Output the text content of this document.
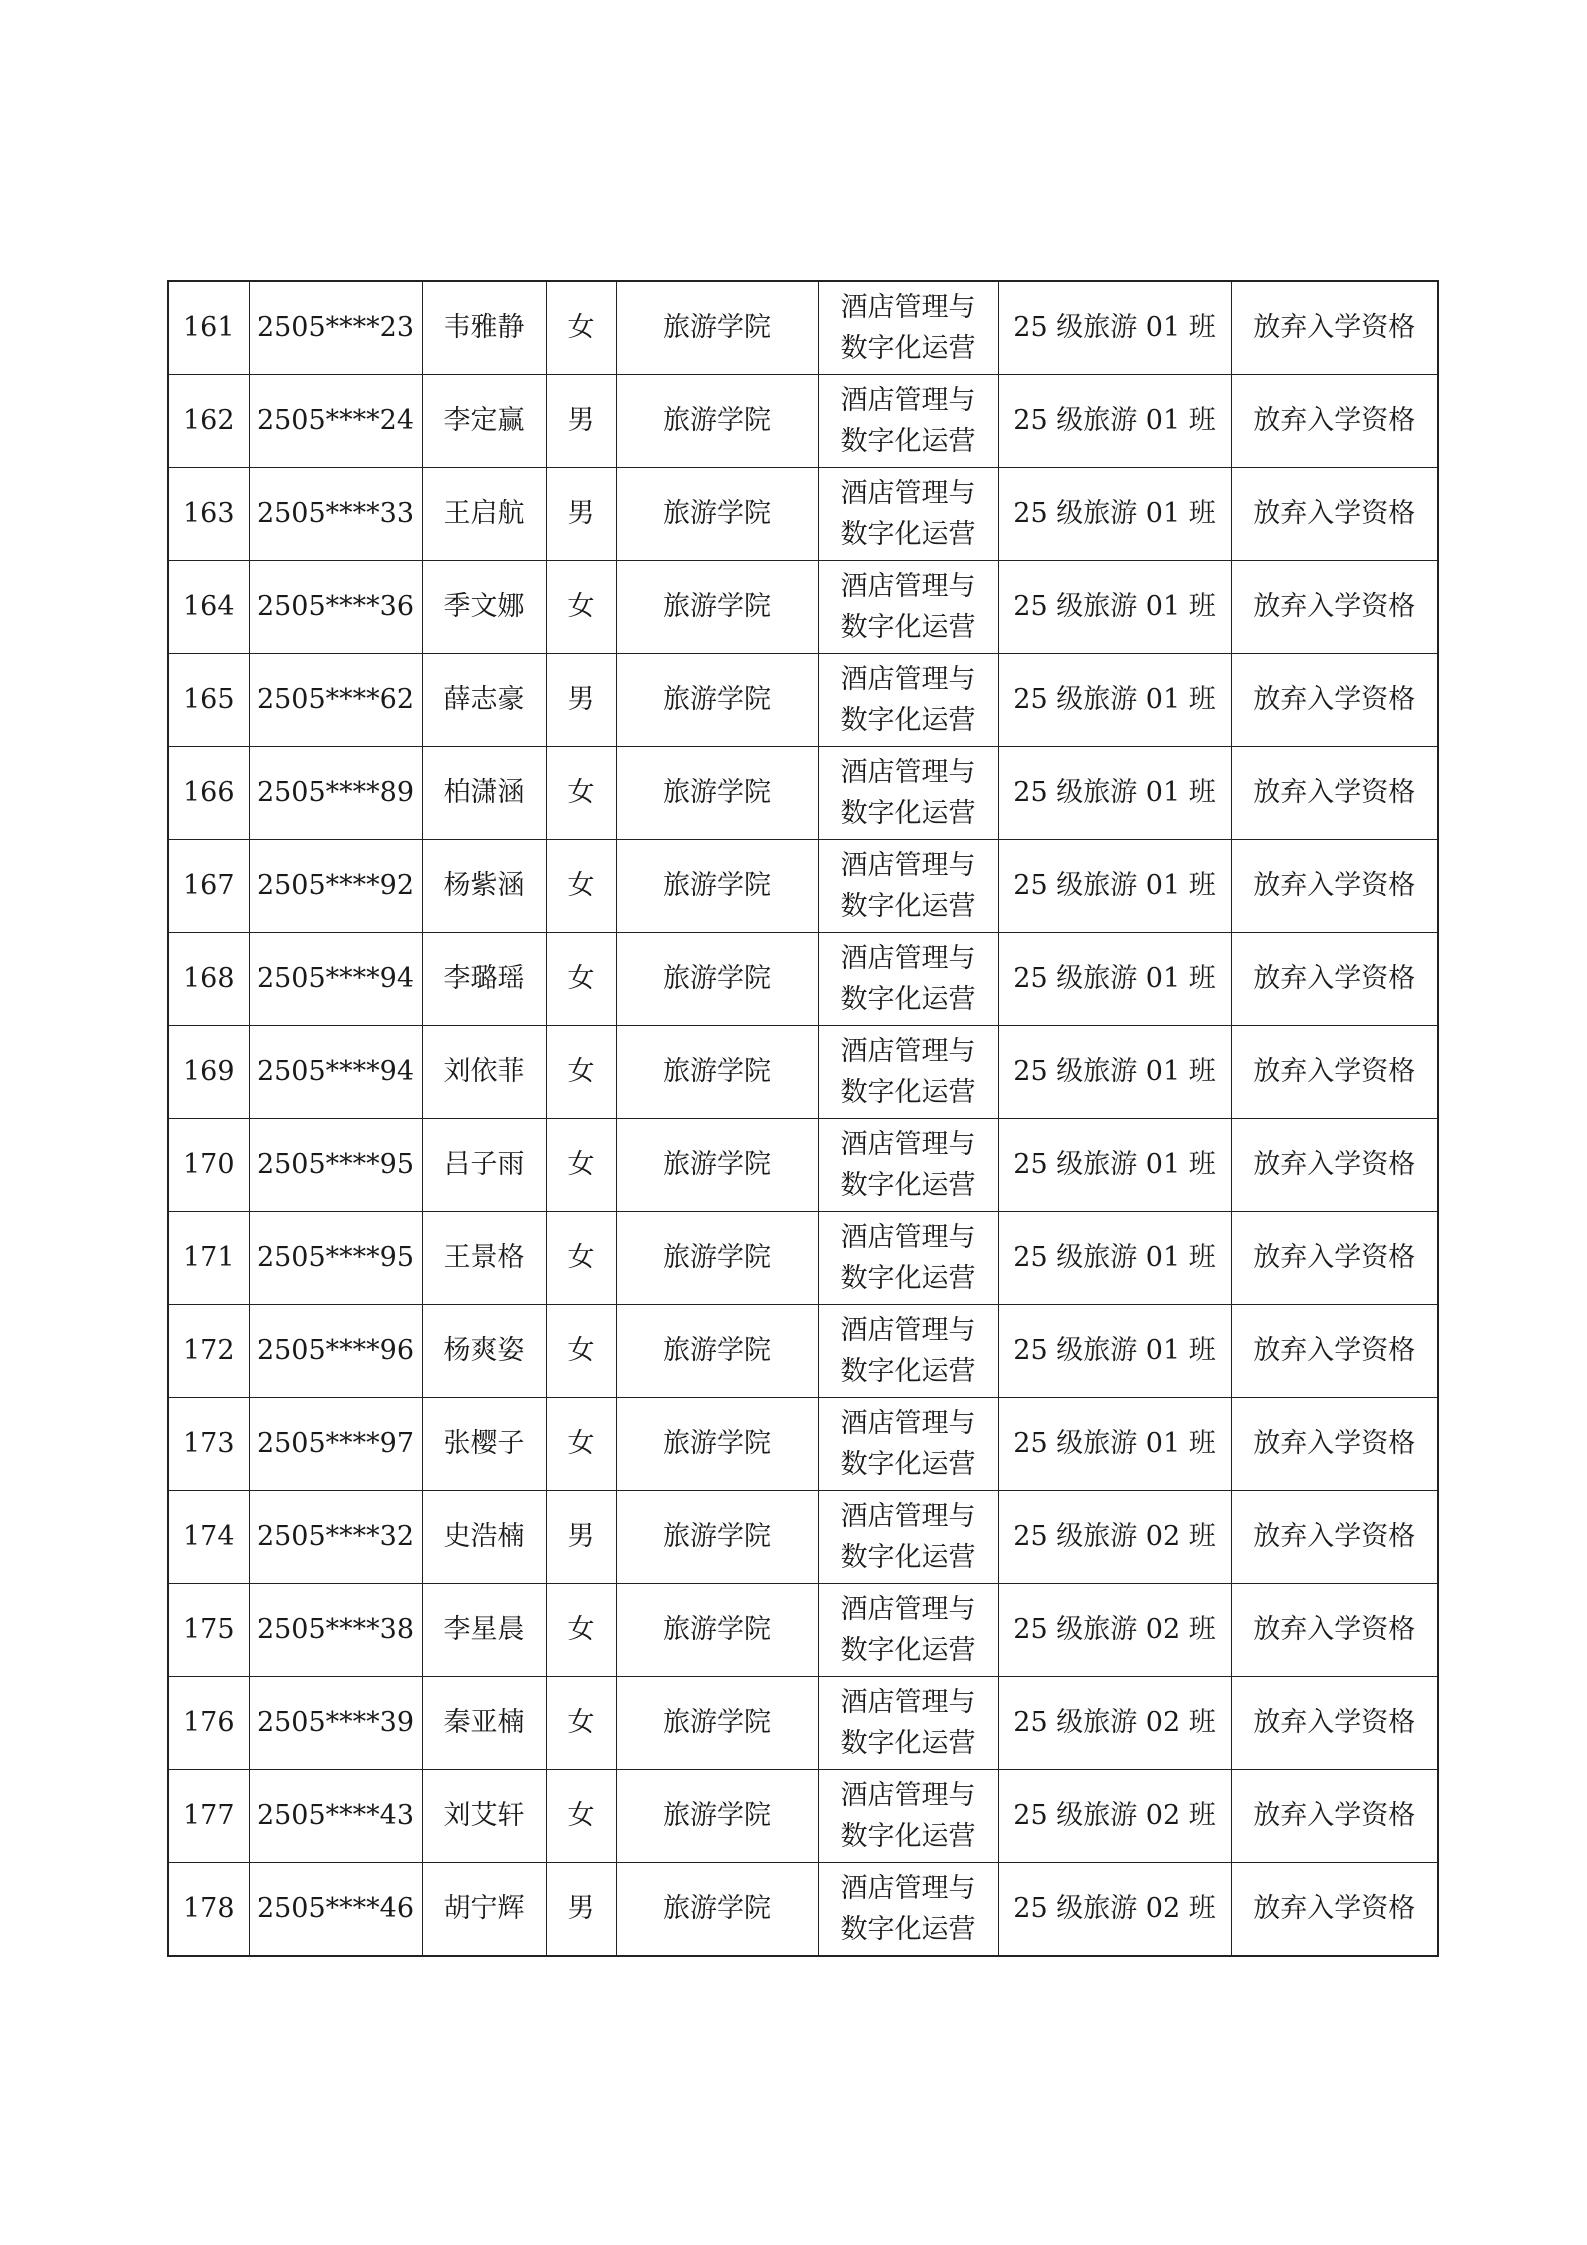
161	2505****23	韦雅静	女	旅游学院	酒店管理与
数字化运营	25 级旅游 01 班	放弃入学资格
162	2505****24	李定赢	男	旅游学院	酒店管理与
数字化运营	25 级旅游 01 班	放弃入学资格
163	2505****33	王启航	男	旅游学院	酒店管理与
数字化运营	25 级旅游 01 班	放弃入学资格
164	2505****36	季文娜	女	旅游学院	酒店管理与
数字化运营	25 级旅游 01 班	放弃入学资格
165	2505****62	薛志豪	男	旅游学院	酒店管理与
数字化运营	25 级旅游 01 班	放弃入学资格
166	2505****89	柏潇涵	女	旅游学院	酒店管理与
数字化运营	25 级旅游 01 班	放弃入学资格
167	2505****92	杨紫涵	女	旅游学院	酒店管理与
数字化运营	25 级旅游 01 班	放弃入学资格
168	2505****94	李璐瑶	女	旅游学院	酒店管理与
数字化运营	25 级旅游 01 班	放弃入学资格
169	2505****94	刘依菲	女	旅游学院	酒店管理与
数字化运营	25 级旅游 01 班	放弃入学资格
170	2505****95	吕子雨	女	旅游学院	酒店管理与
数字化运营	25 级旅游 01 班	放弃入学资格
171	2505****95	王景格	女	旅游学院	酒店管理与
数字化运营	25 级旅游 01 班	放弃入学资格
172	2505****96	杨爽姿	女	旅游学院	酒店管理与
数字化运营	25 级旅游 01 班	放弃入学资格
173	2505****97	张樱子	女	旅游学院	酒店管理与
数字化运营	25 级旅游 01 班	放弃入学资格
174	2505****32	史浩楠	男	旅游学院	酒店管理与
数字化运营	25 级旅游 02 班	放弃入学资格
175	2505****38	李星晨	女	旅游学院	酒店管理与
数字化运营	25 级旅游 02 班	放弃入学资格
176	2505****39	秦亚楠	女	旅游学院	酒店管理与
数字化运营	25 级旅游 02 班	放弃入学资格
177	2505****43	刘艾轩	女	旅游学院	酒店管理与
数字化运营	25 级旅游 02 班	放弃入学资格
178	2505****46	胡宁辉	男	旅游学院	酒店管理与
数字化运营	25 级旅游 02 班	放弃入学资格
